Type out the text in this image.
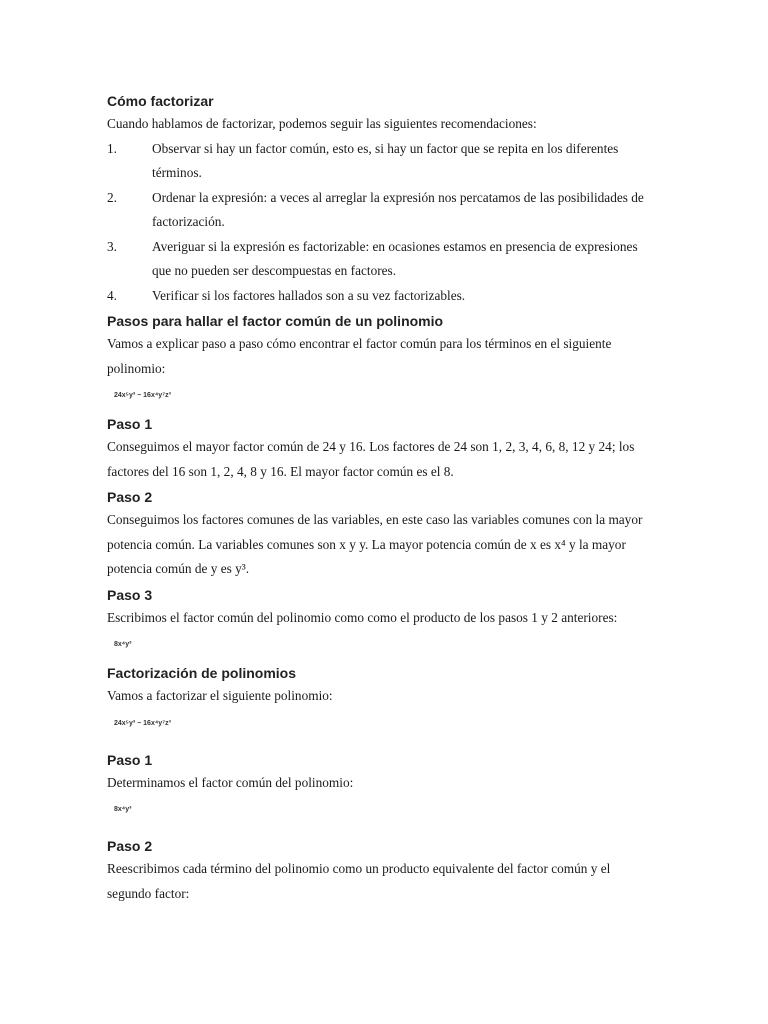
Cómo factorizar

Cuando hablamos de factorizar, podemos seguir las siguientes recomendaciones:

1.	Observar si hay un factor común, esto es, si hay un factor que se repita en los diferentes términos.

2.	Ordenar la expresión: a veces al arreglar la expresión nos percatamos de las posibilidades de factorización.

3.	Averiguar si la expresión es factorizable: en ocasiones estamos en presencia de expresiones que no pueden ser descompuestas en factores.

4.	Verificar si los factores hallados son a su vez factorizables.

Pasos para hallar el factor común de un polinomio

Vamos a explicar paso a paso cómo encontrar el factor común para los términos en el siguiente polinomio:

24x⁵y³ − 16x⁴y⁷z³
Paso 1

Conseguimos el mayor factor común de 24 y 16. Los factores de 24 son 1, 2, 3, 4, 6, 8, 12 y 24; los factores del 16 son 1, 2, 4, 8 y 16. El mayor factor común es el 8.

Paso 2

Conseguimos los factores comunes de las variables, en este caso las variables comunes con la mayor potencia común. La variables comunes son x y y. La mayor potencia común de x es x⁴ y la mayor potencia común de y es y³.

Paso 3

Escribimos el factor común del polinomio como como el producto de los pasos 1 y 2 anteriores:

8x⁴y³
Factorización de polinomios

Vamos a factorizar el siguiente polinomio:

24x⁵y³ − 16x⁴y⁷z³
Paso 1

Determinamos el factor común del polinomio:

8x⁴y³
Paso 2

Reescribimos cada término del polinomio como un producto equivalente del factor común y el segundo factor:
